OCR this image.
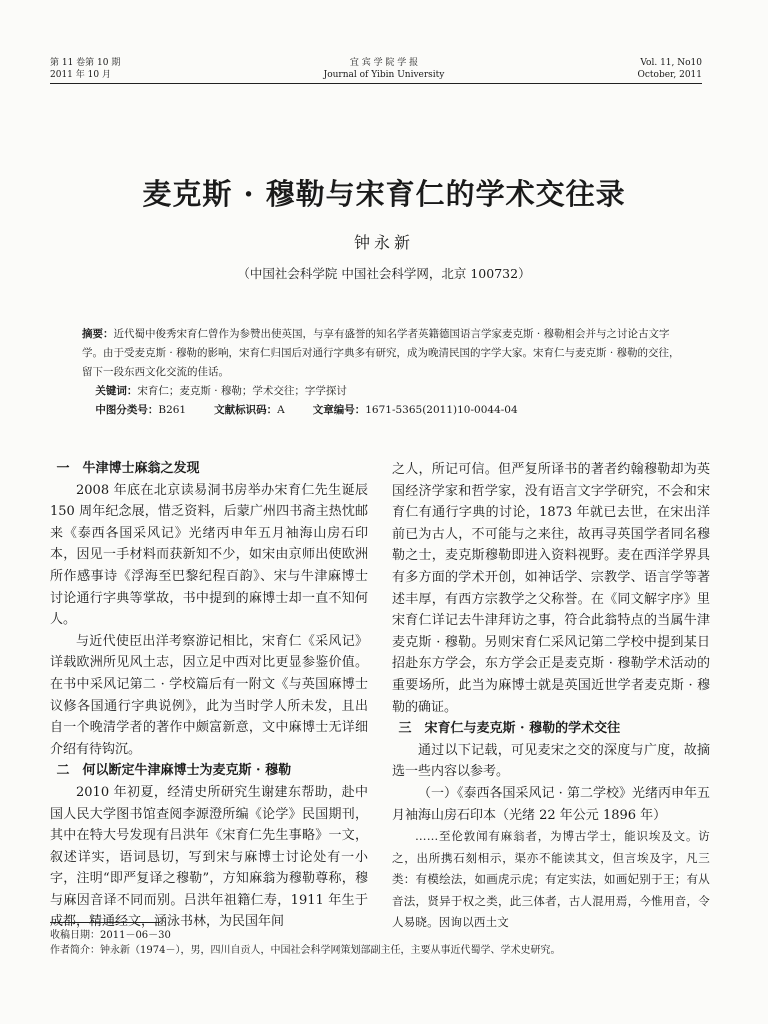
第 11 卷第 10 期
2011 年 10 月
宜 宾 学 院 学 报
Journal of Yibin University
Vol. 11, No10
October, 2011
麦克斯 · 穆勒与宋育仁的学术交往录
钟永新
（中国社会科学院 中国社会科学网，北京 100732）

摘要：近代蜀中俊秀宋育仁曾作为参赞出使英国，与享有盛誉的知名学者英籍德国语言学家麦克斯 · 穆勒相会并与之讨论古文字学。由于受麦克斯 · 穆勒的影响，宋育仁归国后对通行字典多有研究，成为晚清民国的字学大家。宋育仁与麦克斯 · 穆勒的交往，留下一段东西文化交流的佳话。

关键词：宋育仁；麦克斯 · 穆勒；学术交往；字学探讨

中图分类号：B261	文献标识码：A	文章编号：1671-5365(2011)10-0044-04

一　牛津博士麻翁之发现

2008 年底在北京读易洞书房举办宋育仁先生诞辰 150 周年纪念展，惜乏资料，后蒙广州四书斋主热忱邮来《泰西各国采风记》光绪丙申年五月袖海山房石印本，因见一手材料而获新知不少，如宋由京师出使欧洲所作感事诗《浮海至巴黎纪程百韵》、宋与牛津麻博士讨论通行字典等掌故，书中提到的麻博士却一直不知何人。

与近代使臣出洋考察游记相比，宋育仁《采风记》详载欧洲所见风土志，因立足中西对比更显参鉴价值。在书中采风记第二 · 学校篇后有一附文《与英国麻博士议修各国通行字典说例》，此为当时学人所未发，且出自一个晚清学者的著作中颇富新意，文中麻博士无详细介绍有待钩沉。

二　何以断定牛津麻博士为麦克斯 · 穆勒

2010 年初夏，经清史所研究生谢建东帮助，赴中国人民大学图书馆查阅李源澄所编《论学》民国期刊，其中在特大号发现有吕洪年《宋育仁先生事略》一文，叙述详实，语词恳切，写到宋与麻博士讨论处有一小字，注明“即严复译之穆勒”，方知麻翁为穆勒尊称，穆与麻因音译不同而别。吕洪年祖籍仁寿，1911 年生于成都，精通经文，涵泳书林，为民国年间

之人，所记可信。但严复所译书的著者约翰穆勒却为英国经济学家和哲学家，没有语言文字学研究，不会和宋育仁有通行字典的讨论，1873 年就已去世，在宋出洋前已为古人，不可能与之来往，故再寻英国学者同名穆勒之士，麦克斯穆勒即进入资料视野。麦在西洋学界具有多方面的学术开创，如神话学、宗教学、语言学等著述丰厚，有西方宗教学之父称誉。在《同文解字序》里宋育仁详记去牛津拜访之事，符合此翁特点的当属牛津麦克斯 · 穆勒。另则宋育仁采风记第二学校中提到某日招赴东方学会，东方学会正是麦克斯 · 穆勒学术活动的重要场所，此当为麻博士就是英国近世学者麦克斯 · 穆勒的确证。

三　宋育仁与麦克斯 · 穆勒的学术交往

通过以下记载，可见麦宋之交的深度与广度，故摘选一些内容以参考。

（一）《泰西各国采风记 · 第二学校》光绪丙申年五月袖海山房石印本（光绪 22 年公元 1896 年）

……至伦敦闻有麻翁者，为博古学士，能识埃及文。访之，出所携石刻相示，渠亦不能读其文，但言埃及字，凡三类：有模绘法，如画虎示虎；有定实法，如画妃别于王；有从音法，贤异于权之类，此三体者，古人混用焉，今惟用音，令人易晓。因询以西土文

收稿日期：2011－06－30

作者简介：钟永新（1974－），男，四川自贡人，中国社会科学网策划部副主任，主要从事近代蜀学、学术史研究。
